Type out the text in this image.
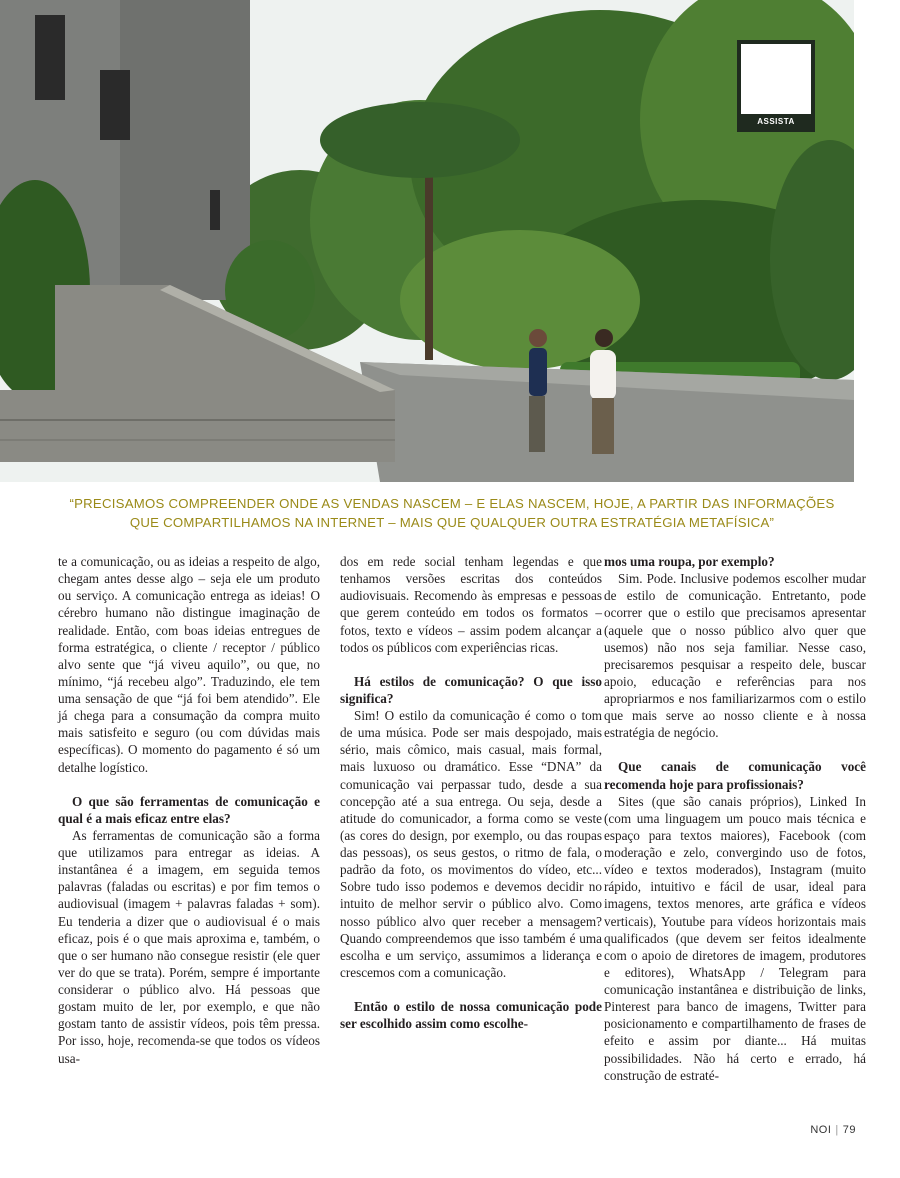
ASSISTA
“PRECISAMOS COMPREENDER ONDE AS VENDAS NASCEM – E ELAS NASCEM, HOJE, A PARTIR DAS INFORMAÇÕES
QUE COMPARTILHAMOS NA INTERNET – MAIS QUE QUALQUER OUTRA ESTRATÉGIA METAFÍSICA”

te a comunicação, ou as ideias a respeito de algo, chegam antes desse algo – seja ele um produto ou serviço. A comunicação entrega as ideias! O cérebro humano não distingue imaginação de realidade. Então, com boas ideias entregues de forma estratégica, o cliente / receptor / público alvo sente que “já viveu aquilo”, ou que, no mínimo, “já recebeu algo”. Traduzindo, ele tem uma sensação de que “já foi bem atendido”. Ele já chega para a consumação da compra muito mais satisfeito e seguro (ou com dúvidas mais específicas). O momento do pagamento é só um detalhe logístico.

O que são ferramentas de comunicação e qual é a mais eficaz entre elas?

As ferramentas de comunicação são a forma que utilizamos para entregar as ideias. A instantânea é a imagem, em seguida temos palavras (faladas ou escritas) e por fim temos o audiovisual (imagem + palavras faladas + som). Eu tenderia a dizer que o audiovisual é o mais eficaz, pois é o que mais aproxima e, também, o que o ser humano não consegue resistir (ele quer ver do que se trata). Porém, sempre é importante considerar o público alvo. Há pessoas que gostam muito de ler, por exemplo, e que não gostam tanto de assistir vídeos, pois têm pressa. Por isso, hoje, recomenda-se que todos os vídeos usa-

dos em rede social tenham legendas e que tenhamos versões escritas dos conteúdos audiovisuais. Recomendo às empresas e pessoas que gerem conteúdo em todos os formatos – fotos, texto e vídeos – assim podem alcançar a todos os públicos com experiências ricas.

Há estilos de comunicação? O que isso significa?

Sim! O estilo da comunicação é como o tom de uma música. Pode ser mais despojado, mais sério, mais cômico, mais casual, mais formal, mais luxuoso ou dramático. Esse “DNA” da comunicação vai perpassar tudo, desde a sua concepção até a sua entrega. Ou seja, desde a atitude do comunicador, a forma como se veste (as cores do design, por exemplo, ou das roupas das pessoas), os seus gestos, o ritmo de fala, o padrão da foto, os movimentos do vídeo, etc... Sobre tudo isso podemos e devemos decidir no intuito de melhor servir o público alvo. Como nosso público alvo quer receber a mensagem? Quando compreendemos que isso também é uma escolha e um serviço, assumimos a liderança e crescemos com a comunicação.

Então o estilo de nossa comunicação pode ser escolhido assim como escolhe-

mos uma roupa, por exemplo?

Sim. Pode. Inclusive podemos escolher mudar de estilo de comunicação. Entretanto, pode ocorrer que o estilo que precisamos apresentar (aquele que o nosso público alvo quer que usemos) não nos seja familiar. Nesse caso, precisaremos pesquisar a respeito dele, buscar apoio, educação e referências para nos apropriarmos e nos familiarizarmos com o estilo que mais serve ao nosso cliente e à nossa estratégia de negócio.

Que canais de comunicação você recomenda hoje para profissionais?

Sites (que são canais próprios), Linked In (com uma linguagem um pouco mais técnica e espaço para textos maiores), Facebook (com moderação e zelo, convergindo uso de fotos, vídeo e textos moderados), Instagram (muito rápido, intuitivo e fácil de usar, ideal para imagens, textos menores, arte gráfica e vídeos verticais), Youtube para vídeos horizontais mais qualificados (que devem ser feitos idealmente com o apoio de diretores de imagem, produtores e editores), WhatsApp / Telegram para comunicação instantânea e distribuição de links, Pinterest para banco de imagens, Twitter para posicionamento e compartilhamento de frases de efeito e assim por diante... Há muitas possibilidades. Não há certo e errado, há construção de estraté-

NOI | 79
